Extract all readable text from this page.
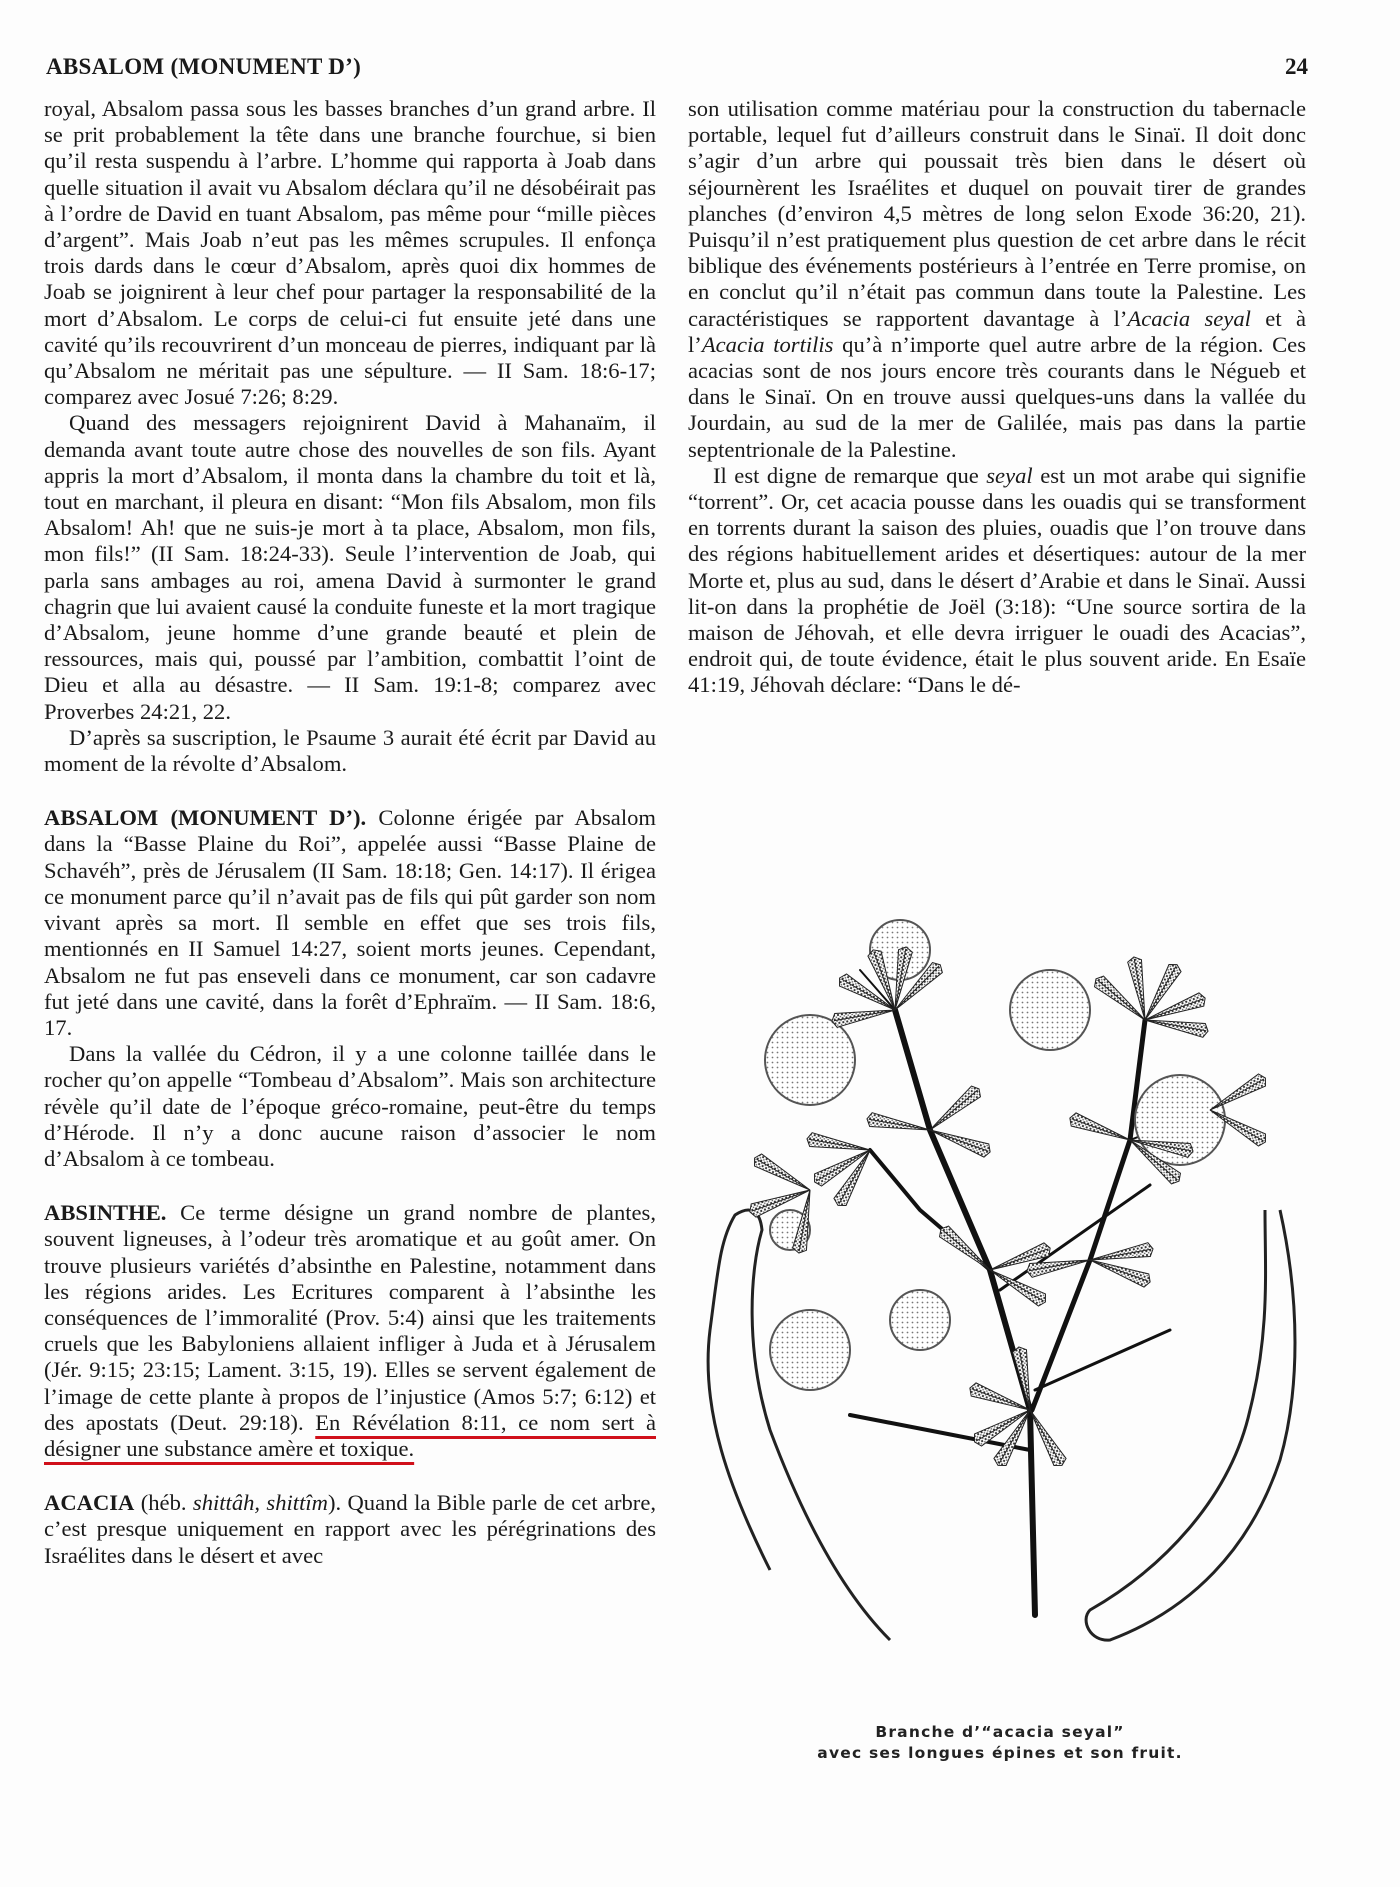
ABSALOM (MONUMENT D’)	24

royal, Absalom passa sous les basses branches d’un grand arbre. Il se prit probablement la tête dans une branche fourchue, si bien qu’il resta suspendu à l’arbre. L’homme qui rapporta à Joab dans quelle situation il avait vu Absalom déclara qu’il ne désobéirait pas à l’ordre de David en tuant Absalom, pas même pour “mille pièces d’argent”. Mais Joab n’eut pas les mêmes scrupules. Il enfonça trois dards dans le cœur d’Absalom, après quoi dix hommes de Joab se joignirent à leur chef pour partager la responsabilité de la mort d’Absalom. Le corps de celui-ci fut ensuite jeté dans une cavité qu’ils recouvrirent d’un monceau de pierres, indiquant par là qu’Absalom ne méritait pas une sépulture. — II Sam. 18:6-17; comparez avec Josué 7:26; 8:29.

Quand des messagers rejoignirent David à Mahanaïm, il demanda avant toute autre chose des nouvelles de son fils. Ayant appris la mort d’Absalom, il monta dans la chambre du toit et là, tout en marchant, il pleura en disant: “Mon fils Absalom, mon fils Absalom! Ah! que ne suis-je mort à ta place, Absalom, mon fils, mon fils!” (II Sam. 18:24-33). Seule l’intervention de Joab, qui parla sans ambages au roi, amena David à surmonter le grand chagrin que lui avaient causé la conduite funeste et la mort tragique d’Absalom, jeune homme d’une grande beauté et plein de ressources, mais qui, poussé par l’ambition, combattit l’oint de Dieu et alla au désastre. — II Sam. 19:1-8; comparez avec Proverbes 24:21, 22.

D’après sa suscription, le Psaume 3 aurait été écrit par David au moment de la révolte d’Absalom.

ABSALOM (MONUMENT D’). Colonne érigée par Absalom dans la “Basse Plaine du Roi”, appelée aussi “Basse Plaine de Schavéh”, près de Jérusalem (II Sam. 18:18; Gen. 14:17). Il érigea ce monument parce qu’il n’avait pas de fils qui pût garder son nom vivant après sa mort. Il semble en effet que ses trois fils, mentionnés en II Samuel 14:27, soient morts jeunes. Cependant, Absalom ne fut pas enseveli dans ce monument, car son cadavre fut jeté dans une cavité, dans la forêt d’Ephraïm. — II Sam. 18:6, 17.

Dans la vallée du Cédron, il y a une colonne taillée dans le rocher qu’on appelle “Tombeau d’Absalom”. Mais son architecture révèle qu’il date de l’époque gréco-romaine, peut-être du temps d’Hérode. Il n’y a donc aucune raison d’associer le nom d’Absalom à ce tombeau.

ABSINTHE. Ce terme désigne un grand nombre de plantes, souvent ligneuses, à l’odeur très aromatique et au goût amer. On trouve plusieurs variétés d’absinthe en Palestine, notamment dans les régions arides. Les Ecritures comparent à l’absinthe les conséquences de l’immoralité (Prov. 5:4) ainsi que les traitements cruels que les Babyloniens allaient infliger à Juda et à Jérusalem (Jér. 9:15; 23:15; Lament. 3:15, 19). Elles se servent également de l’image de cette plante à propos de l’injustice (Amos 5:7; 6:12) et des apostats (Deut. 29:18). En Révélation 8:11, ce nom sert à désigner une substance amère et toxique.

ACACIA (héb. shittâh, shittîm). Quand la Bible parle de cet arbre, c’est presque uniquement en rapport avec les pérégrinations des Israélites dans le désert et avec

son utilisation comme matériau pour la construction du tabernacle portable, lequel fut d’ailleurs construit dans le Sinaï. Il doit donc s’agir d’un arbre qui poussait très bien dans le désert où séjournèrent les Israélites et duquel on pouvait tirer de grandes planches (d’environ 4,5 mètres de long selon Exode 36:20, 21). Puisqu’il n’est pratiquement plus question de cet arbre dans le récit biblique des événements postérieurs à l’entrée en Terre promise, on en conclut qu’il n’était pas commun dans toute la Palestine. Les caractéristiques se rapportent davantage à l’Acacia seyal et à l’Acacia tortilis qu’à n’importe quel autre arbre de la région. Ces acacias sont de nos jours encore très courants dans le Négueb et dans le Sinaï. On en trouve aussi quelques-uns dans la vallée du Jourdain, au sud de la mer de Galilée, mais pas dans la partie septentrionale de la Palestine.

Il est digne de remarque que seyal est un mot arabe qui signifie “torrent”. Or, cet acacia pousse dans les ouadis qui se transforment en torrents durant la saison des pluies, ouadis que l’on trouve dans des régions habituellement arides et désertiques: autour de la mer Morte et, plus au sud, dans le désert d’Arabie et dans le Sinaï. Aussi lit-on dans la prophétie de Joël (3:18): “Une source sortira de la maison de Jéhovah, et elle devra irriguer le ouadi des Acacias”, endroit qui, de toute évidence, était le plus souvent aride. En Esaïe 41:19, Jéhovah déclare: “Dans le dé-

Branche d’“acacia seyal”
avec ses longues épines et son fruit.
